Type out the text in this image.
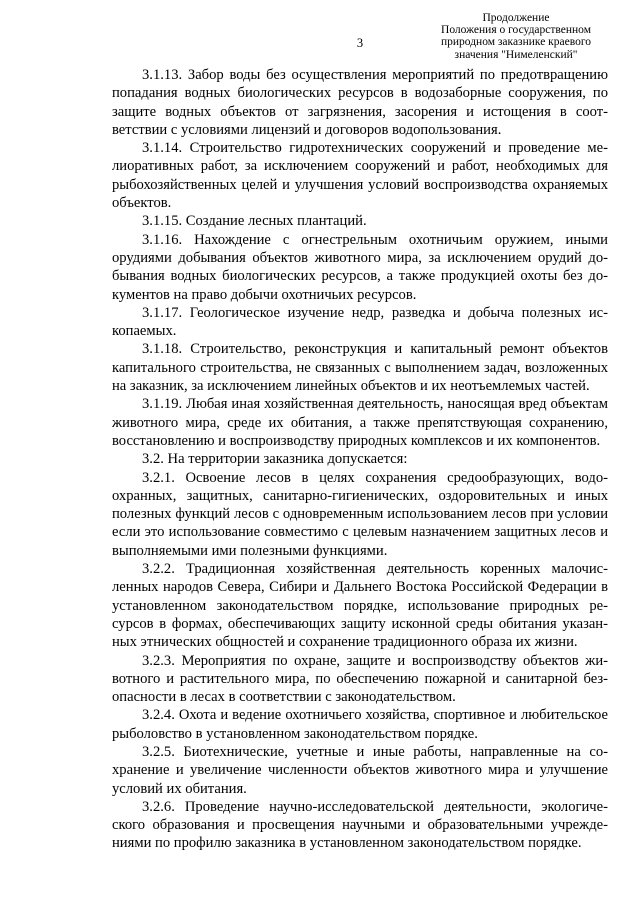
3
Продолжение
Положения о государственном
природном заказнике краевого
значения "Нимеленский"

3.1.13. Забор воды без осуществления мероприятий по предотвращению попадания водных биологических ресурсов в водозаборные сооружения, по защите водных объектов от загрязнения, засорения и истощения в соответствии с условиями лицензий и договоров водопользования.

3.1.14. Строительство гидротехнических сооружений и проведение мелиоративных работ, за исключением сооружений и работ, необходимых для рыбохозяйственных целей и улучшения условий воспроизводства охраняемых объектов.

3.1.15. Создание лесных плантаций.

3.1.16. Нахождение с огнестрельным охотничьим оружием, иными орудиями добывания объектов животного мира, за исключением орудий добывания водных биологических ресурсов, а также продукцией охоты без документов на право добычи охотничьих ресурсов.

3.1.17. Геологическое изучение недр, разведка и добыча полезных ископаемых.

3.1.18. Строительство, реконструкция и капитальный ремонт объектов капитального строительства, не связанных с выполнением задач, возложенных на заказник, за исключением линейных объектов и их неотъемлемых частей.

3.1.19. Любая иная хозяйственная деятельность, наносящая вред объектам животного мира, среде их обитания, а также препятствующая сохранению, восстановлению и воспроизводству природных комплексов и их компонентов.

3.2. На территории заказника допускается:

3.2.1. Освоение лесов в целях сохранения средообразующих, водоохранных, защитных, санитарно-гигиенических, оздоровительных и иных полезных функций лесов с одновременным использованием лесов при условии если это использование совместимо с целевым назначением защитных лесов и выполняемыми ими полезными функциями.

3.2.2. Традиционная хозяйственная деятельность коренных малочисленных народов Севера, Сибири и Дальнего Востока Российской Федерации в установленном законодательством порядке, использование природных ресурсов в формах, обеспечивающих защиту исконной среды обитания указанных этнических общностей и сохранение традиционного образа их жизни.

3.2.3. Мероприятия по охране, защите и воспроизводству объектов животного и растительного мира, по обеспечению пожарной и санитарной безопасности в лесах в соответствии с законодательством.

3.2.4. Охота и ведение охотничьего хозяйства, спортивное и любительское рыболовство в установленном законодательством порядке.

3.2.5. Биотехнические, учетные и иные работы, направленные на сохранение и увеличение численности объектов животного мира и улучшение условий их обитания.

3.2.6. Проведение научно-исследовательской деятельности, экологического образования и просвещения научными и образовательными учреждениями по профилю заказника в установленном законодательством порядке.
